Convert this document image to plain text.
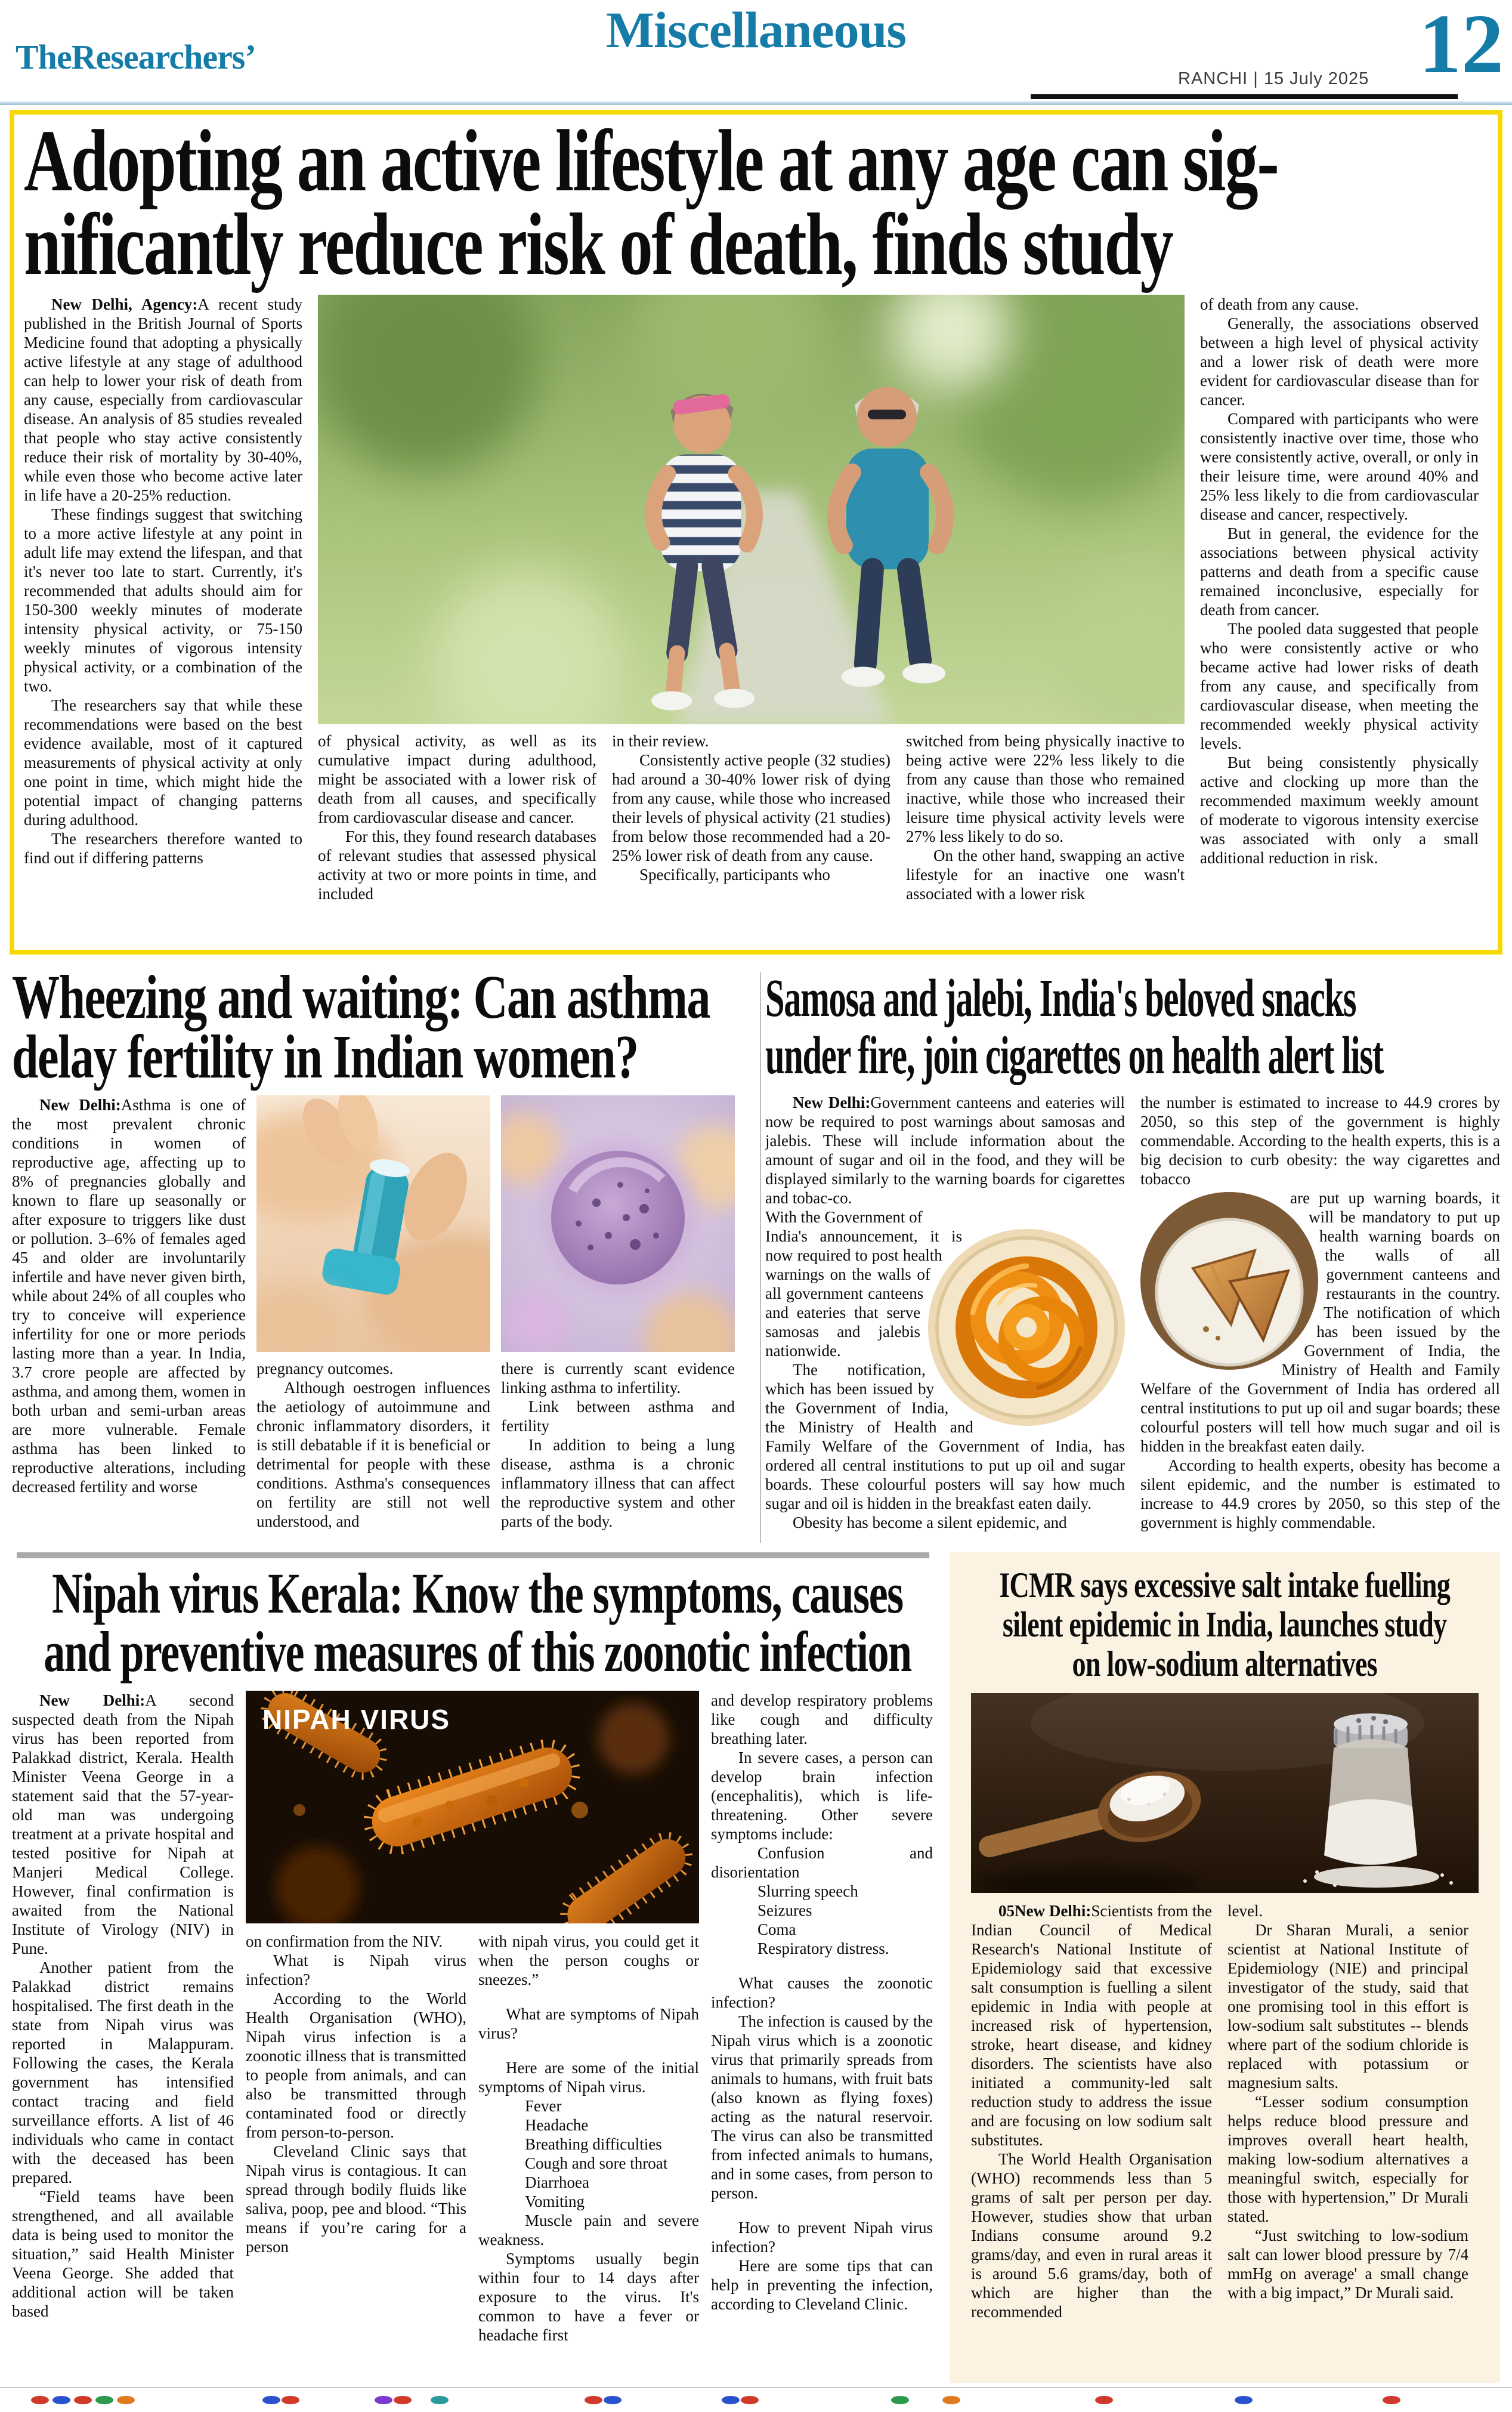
Miscellaneous
TheResearchers’
RANCHI | 15 July 2025 12
Adopting an active lifestyle at any age can sig-
nificantly reduce risk of death, finds study

New Delhi, Agency:A recent study published in the British Journal of Sports Medicine found that adopting a physically active lifestyle at any stage of adulthood can help to lower your risk of death from any cause, especially from cardiovascular disease. An analysis of 85 studies revealed that people who stay active consistently reduce their risk of mortality by 30-40%, while even those who become active later in life have a 20-25% reduction.

These findings suggest that switching to a more active lifestyle at any point in adult life may extend the lifespan, and that it's never too late to start. Currently, it's recommended that adults should aim for 150-300 weekly minutes of moderate intensity physical activity, or 75-150 weekly minutes of vigorous intensity physical activity, or a combination of the two.

The researchers say that while these recommendations were based on the best evidence available, most of it captured measurements of physical activity at only one point in time, which might hide the potential impact of changing patterns during adulthood.

The researchers therefore wanted to find out if differing patterns

of physical activity, as well as its cumulative impact during adulthood, might be associated with a lower risk of death from all causes, and specifically from cardiovascular disease and cancer.

For this, they found research databases of relevant studies that assessed physical activity at two or more points in time, and included

in their review.

Consistently active people (32 studies) had around a 30-40% lower risk of dying from any cause, while those who increased their levels of physical activity (21 studies) from below those recommended had a 20-25% lower risk of death from any cause.

Specifically, participants who

switched from being physically inactive to being active were 22% less likely to die from any cause than those who remained inactive, while those who increased their leisure time physical activity levels were 27% less likely to do so.

On the other hand, swapping an active lifestyle for an inactive one wasn't associated with a lower risk

of death from any cause.

Generally, the associations observed between a high level of physical activity and a lower risk of death were more evident for cardiovascular disease than for cancer.

Compared with participants who were consistently inactive over time, those who were consistently active, overall, or only in their leisure time, were around 40% and 25% less likely to die from cardiovascular disease and cancer, respectively.

But in general, the evidence for the associations between physical activity patterns and death from a specific cause remained inconclusive, especially for death from cancer.

The pooled data suggested that people who were consistently active or who became active had lower risks of death from any cause, and specifically from cardiovascular disease, when meeting the recommended weekly physical activity levels.

But being consistently physically active and clocking up more than the recommended maximum weekly amount of moderate to vigorous intensity exercise was associated with only a small additional reduction in risk.

Wheezing and waiting: Can asthma
delay fertility in Indian women?

New Delhi:Asthma is one of the most prevalent chronic conditions in women of reproductive age, affecting up to 8% of pregnancies globally and known to flare up seasonally or after exposure to triggers like dust or pollution. 3–6% of females aged 45 and older are involuntarily infertile and have never given birth, while about 24% of all couples who try to conceive will experience infertility for one or more periods lasting more than a year. In India, 3.7 crore people are affected by asthma, and among them, women in both urban and semi-urban areas are more vulnerable. Female asthma has been linked to reproductive alterations, including decreased fertility and worse

pregnancy outcomes.

Although oestrogen influences the aetiology of autoimmune and chronic inflammatory disorders, it is still debatable if it is beneficial or detrimental for people with these conditions. Asthma's consequences on fertility are still not well understood, and

there is currently scant evidence linking asthma to infertility.

Link between asthma and fertility

In addition to being a lung disease, asthma is a chronic inflammatory illness that can affect the reproductive system and other parts of the body.

Samosa and jalebi, India's beloved snacks
under fire, join cigarettes on health alert list

New Delhi:Government canteens and eateries will now be required to post warnings about samosas and jalebis. These will include information about the amount of sugar and oil in the food, and they will be displayed similarly to the warning boards for cigarettes and tobac-co.

With the Government of

India's announcement, it is now required to post health warnings on the walls of all government canteens and eateries that serve samosas and jalebis nationwide.

The notification, which has been issued by the Government of India, the Ministry of Health and Family Welfare of the Government of India, has ordered all central institutions to put up oil and sugar boards. These colourful posters will say how much sugar and oil is hidden in the breakfast eaten daily.

Obesity has become a silent epidemic, and

the number is estimated to increase to 44.9 crores by 2050, so this step of the government is highly commendable. According to the health experts, this is a big decision to curb obesity: the way cigarettes and tobacco

are put up warning boards, it will be mandatory to put up health warning boards on the walls of all government canteens and restaurants in the country. The notification of which has been issued by the Government of India, the Ministry of Health and Family Welfare of the Government of India has ordered all central institutions to put up oil and sugar boards; these colourful posters will tell how much sugar and oil is hidden in the breakfast eaten daily.

According to health experts, obesity has become a silent epidemic, and the number is estimated to increase to 44.9 crores by 2050, so this step of the government is highly commendable.

Nipah virus Kerala: Know the symptoms, causes
and preventive measures of this zoonotic infection

New Delhi:A second suspected death from the Nipah virus has been reported from Palakkad district, Kerala. Health Minister Veena George in a statement said that the 57-year-old man was undergoing treatment at a private hospital and tested positive for Nipah at Manjeri Medical College. However, final confirmation is awaited from the National Institute of Virology (NIV) in Pune.

Another patient from the Palakkad district remains hospitalised. The first death in the state from Nipah virus was reported in Malappuram. Following the cases, the Kerala government has intensified contact tracing and field surveillance efforts. A list of 46 individuals who came in contact with the deceased has been prepared.

“Field teams have been strengthened, and all available data is being used to monitor the situation,” said Health Minister Veena George. She added that additional action will be taken based

NIPAH VIRUS

on confirmation from the NIV.

What is Nipah virus infection?

According to the World Health Organisation (WHO), Nipah virus infection is a zoonotic illness that is transmitted to people from animals, and can also be transmitted through contaminated food or directly from person-to-person.

Cleveland Clinic says that Nipah virus is contagious. It can spread through bodily fluids like saliva, poop, pee and blood. “This means if you’re caring for a person

with nipah virus, you could get it when the person coughs or sneezes.”

What are symptoms of Nipah virus?

Here are some of the initial symptoms of Nipah virus.

Fever

Headache

Breathing difficulties

Cough and sore throat

Diarrhoea

Vomiting

Muscle pain and severe weakness.

Symptoms usually begin within four to 14 days after exposure to the virus. It's common to have a fever or headache first

and develop respiratory problems like cough and difficulty breathing later.

In severe cases, a person can develop brain infection (encephalitis), which is life-threatening. Other severe symptoms include:

Confusion and disorientation

Slurring speech

Seizures

Coma

Respiratory distress.

What causes the zoonotic infection?

The infection is caused by the Nipah virus which is a zoonotic virus that primarily spreads from animals to humans, with fruit bats (also known as flying foxes) acting as the natural reservoir. The virus can also be transmitted from infected animals to humans, and in some cases, from person to person.

How to prevent Nipah virus infection?

Here are some tips that can help in preventing the infection, according to Cleveland Clinic.

ICMR says excessive salt intake fuelling
silent epidemic in India, launches study
on low-sodium alternatives

05New Delhi:Scientists from the Indian Council of Medical Research's National Institute of Epidemiology said that excessive salt consumption is fuelling a silent epidemic in India with people at increased risk of hypertension, stroke, heart disease, and kidney disorders. The scientists have also initiated a community-led salt reduction study to address the issue and are focusing on low sodium salt substitutes.

The World Health Organisation (WHO) recommends less than 5 grams of salt per person per day. However, studies show that urban Indians consume around 9.2 grams/day, and even in rural areas it is around 5.6 grams/day, both of which are higher than the recommended

level.

Dr Sharan Murali, a senior scientist at National Institute of Epidemiology (NIE) and principal investigator of the study, said that one promising tool in this effort is low-sodium salt substitutes -- blends where part of the sodium chloride is replaced with potassium or magnesium salts.

“Lesser sodium consumption helps reduce blood pressure and improves overall heart health, making low-sodium alternatives a meaningful switch, especially for those with hypertension,” Dr Murali stated.

“Just switching to low-sodium salt can lower blood pressure by 7/4 mmHg on average' a small change with a big impact,” Dr Murali said.
